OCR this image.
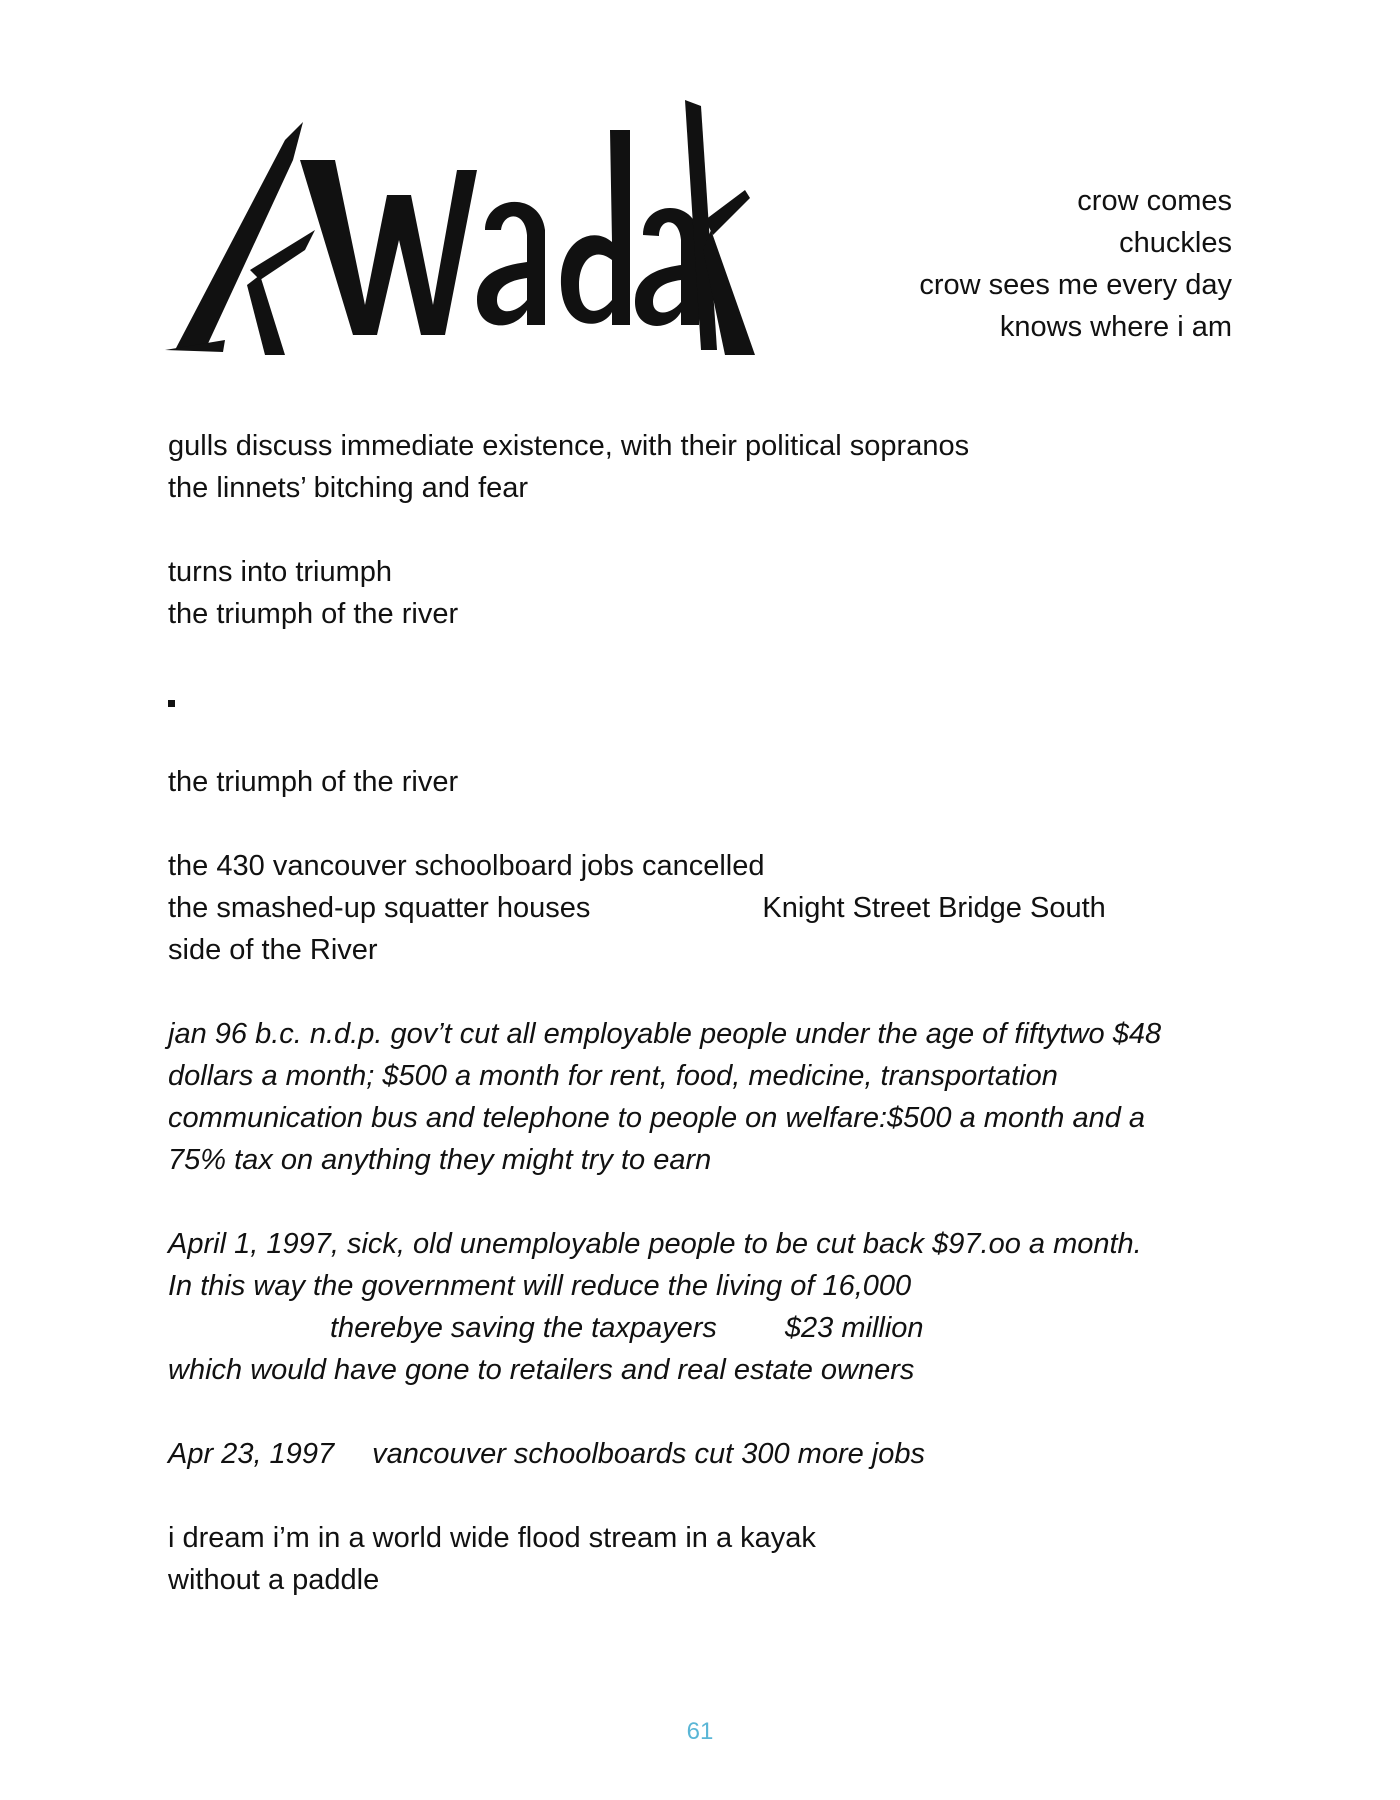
crow comes
chuckles
crow sees me every day
knows where i am
gulls discuss immediate existence, with their political sopranos
the linnets’ bitching and fear
turns into triumph
the triumph of the river
the triumph of the river
the 430 vancouver schoolboard jobs cancelled
the smashed-up squatter houses	Knight Street Bridge South
side of the River
jan 96 b.c. n.d.p. gov’t cut all employable people under the age of fiftytwo $48
dollars a month; $500 a month for rent, food, medicine, transportation
communication bus and telephone to people on welfare:$500 a month and a
75% tax on anything they might try to earn
April 1, 1997, sick, old unemployable people to be cut back $97.oo a month.
In this way the government will reduce the living of 16,000
therebye saving the taxpayers $23 million
which would have gone to retailers and real estate owners
Apr 23, 1997 vancouver schoolboards cut 300 more jobs
i dream i’m in a world wide flood stream in a kayak
without a paddle
61
